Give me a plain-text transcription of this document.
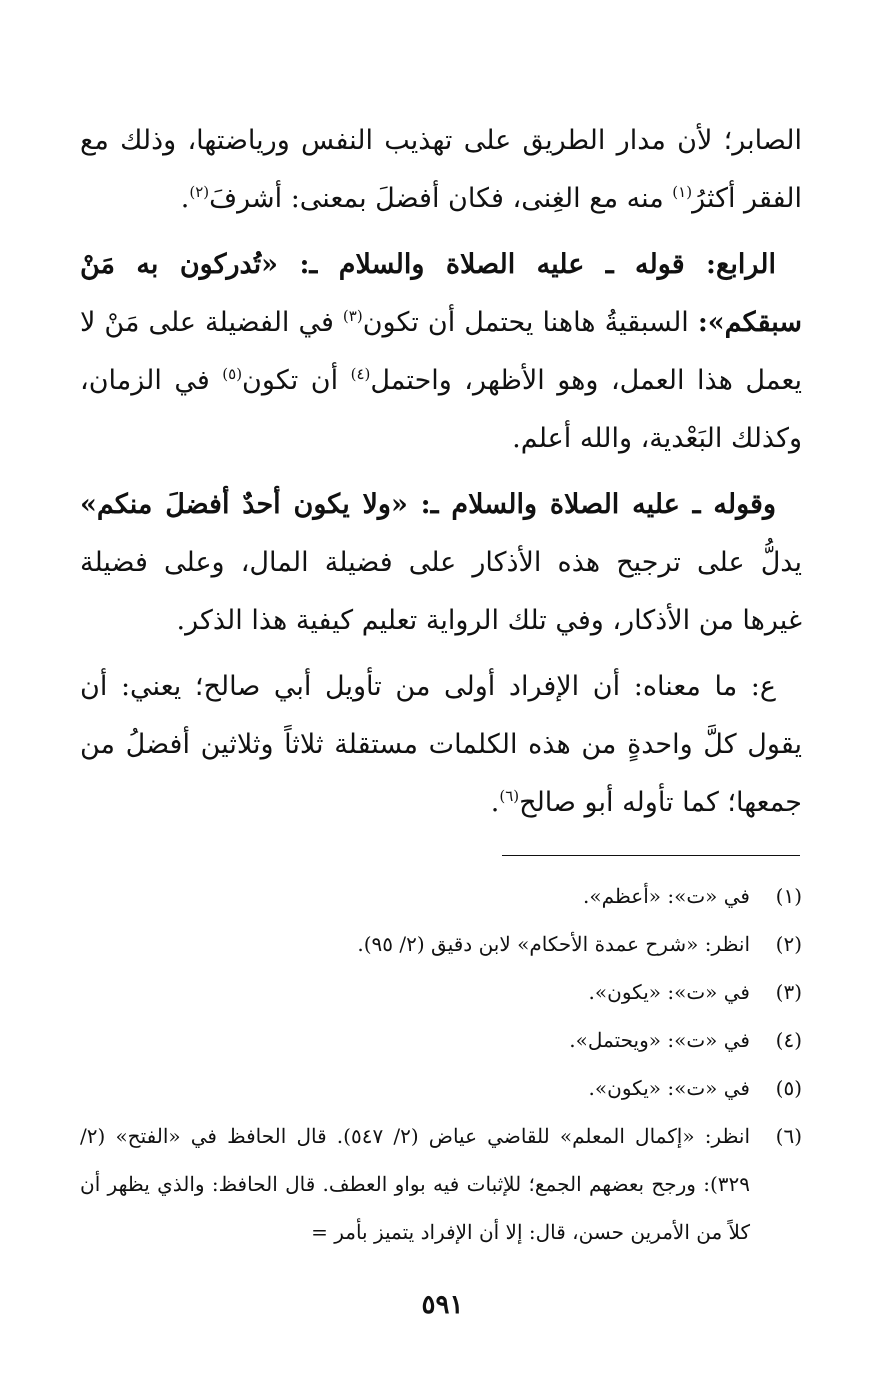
الصابر؛ لأن مدار الطريق على تهذيب النفس ورياضتها، وذلك مع الفقر أكثرُ$^{(١)}$ منه مع الغِنى، فكان أفضلَ بمعنى: أشرفَ$^{(٢)}$.

الرابع: قوله ـ عليه الصلاة والسلام ـ: «تُدركون به مَنْ سبقكم»: السبقيةُ هاهنا يحتمل أن تكون$^{(٣)}$ في الفضيلة على مَنْ لا يعمل هذا العمل، وهو الأظهر، واحتمل$^{(٤)}$ أن تكون$^{(٥)}$ في الزمان، وكذلك البَعْدية، والله أعلم.

وقوله ـ عليه الصلاة والسلام ـ: «ولا يكون أحدٌ أفضلَ منكم» يدلُّ على ترجيح هذه الأذكار على فضيلة المال، وعلى فضيلة غيرها من الأذكار، وفي تلك الرواية تعليم كيفية هذا الذكر.

ع: ما معناه: أن الإفراد أولى من تأويل أبي صالح؛ يعني: أن يقول كلَّ واحدةٍ من هذه الكلمات مستقلة ثلاثاً وثلاثين أفضلُ من جمعها؛ كما تأوله أبو صالح$^{(٦)}$.

(١)
في «ت»: «أعظم».
(٢)
انظر: «شرح عمدة الأحكام» لابن دقيق (٢/ ٩٥).
(٣)
في «ت»: «يكون».
(٤)
في «ت»: «ويحتمل».
(٥)
في «ت»: «يكون».
(٦)
انظر: «إكمال المعلم» للقاضي عياض (٢/ ٥٤٧). قال الحافظ في «الفتح» (٢/ ٣٢٩): ورجح بعضهم الجمع؛ للإثبات فيه بواو العطف. قال الحافظ: والذي يظهر أن كلاً من الأمرين حسن، قال: إلا أن الإفراد يتميز بأمر =
٥٩١
